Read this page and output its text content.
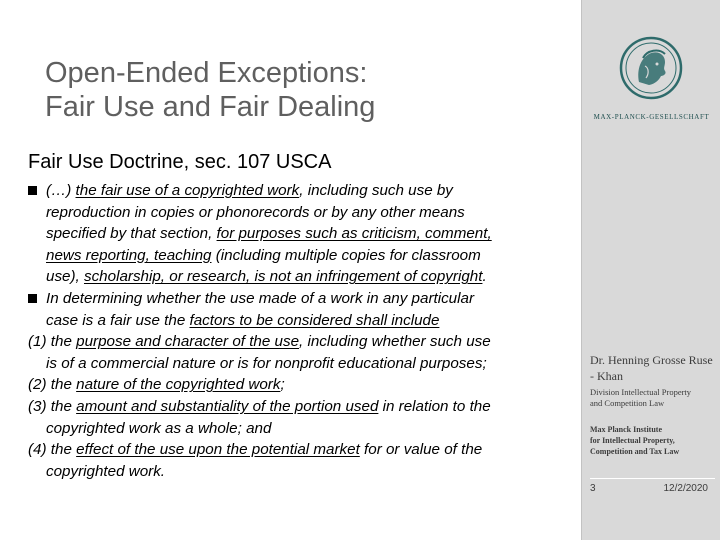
Open-Ended Exceptions:
Fair Use and Fair Dealing
Fair Use Doctrine, sec. 107 USCA
(…) the fair use of a copyrighted work, including such use by
reproduction in copies or phonorecords or by any other means
specified by that section, for purposes such as criticism, comment,
news reporting, teaching (including multiple copies for classroom
use), scholarship, or research, is not an infringement of copyright.
In determining whether the use made of a work in any particular
case is a fair use the factors to be considered shall include
(1) the purpose and character of the use, including whether such use
is of a commercial nature or is for nonprofit educational purposes;
(2) the nature of the copyrighted work;
(3) the amount and substantiality of the portion used in relation to the
copyrighted work as a whole; and
(4) the effect of the use upon the potential market for or value of the
copyrighted work.
MAX-PLANCK-GESELLSCHAFT
Dr. Henning Grosse Ruse
- Khan
Division Intellectual Property
and Competition Law
Max Planck Institute
for Intellectual Property,
Competition and Tax Law
3	12/2/2020
